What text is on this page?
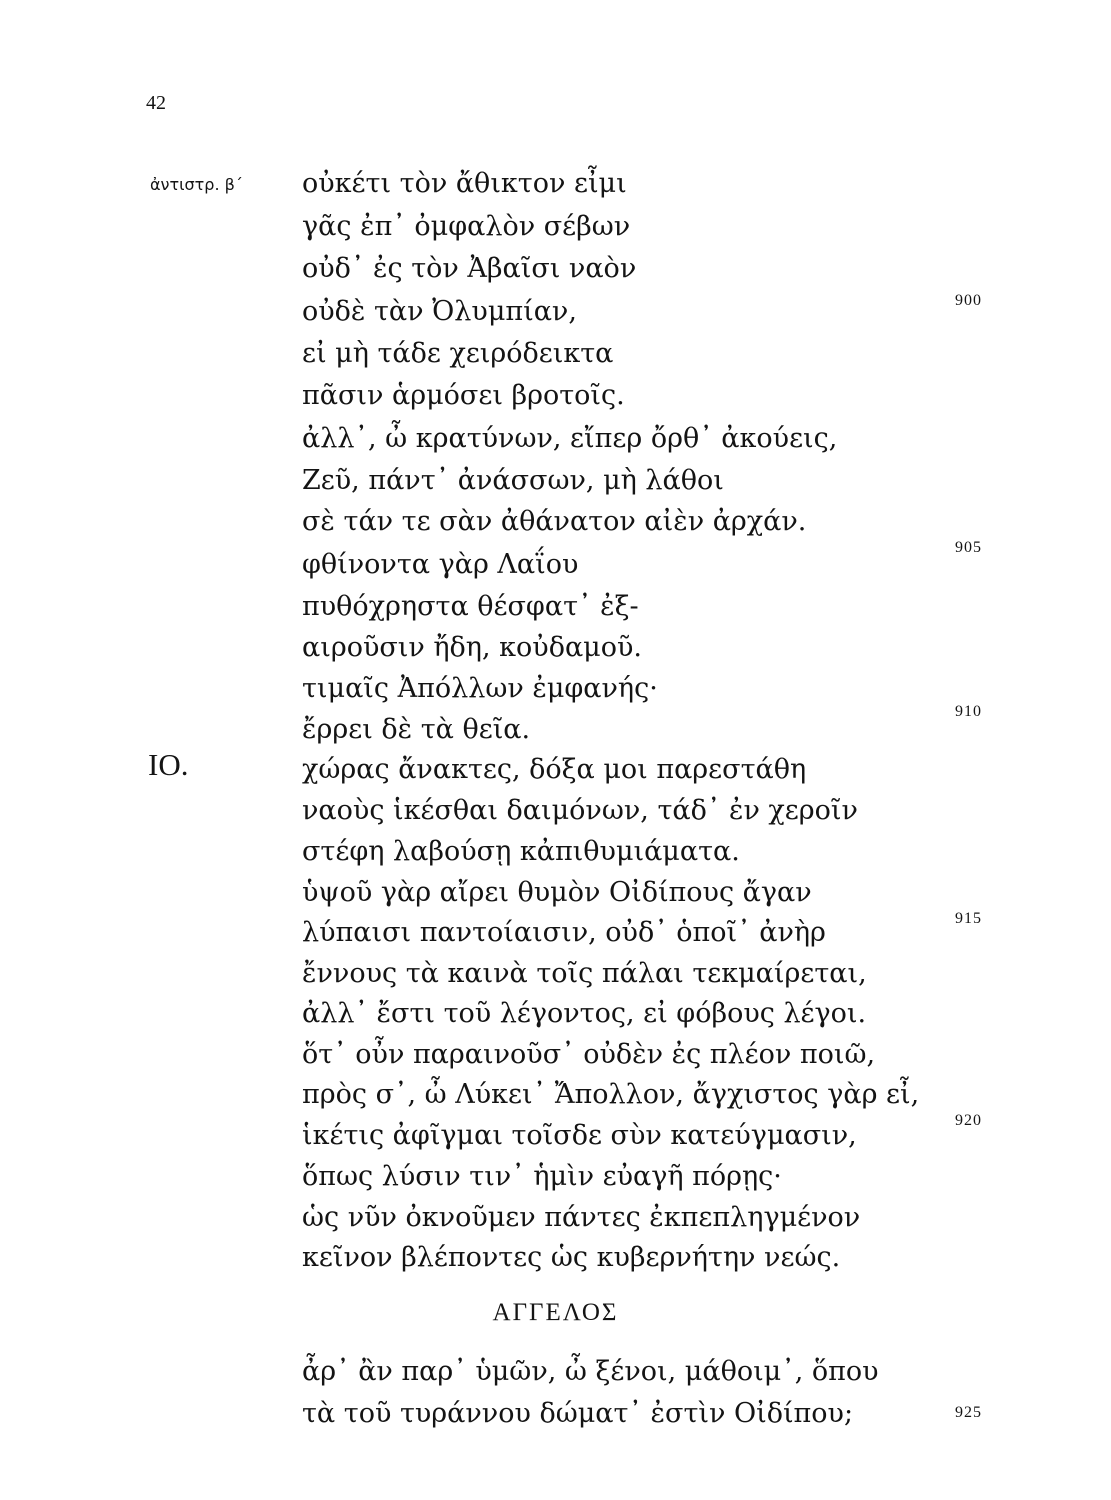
42
ἀντιστρ. β΄
IO.
οὐκέτι τὸν ἄθικτον εἶμι
γᾶς ἐπ᾽ ὀμφαλὸν σέβων
οὐδ᾽ ἐς τὸν Ἀβαῖσι ναὸν
οὐδὲ τὰν Ὀλυμπίαν,
εἰ μὴ τάδε χειρόδεικτα
πᾶσιν ἁρμόσει βροτοῖς.
ἀλλ᾽, ὦ κρατύνων, εἴπερ ὄρθ᾽ ἀκούεις,
Ζεῦ, πάντ᾽ ἀνάσσων, μὴ λάθοι
σὲ τάν τε σὰν ἀθάνατον αἰὲν ἀρχάν.
φθίνοντα γὰρ Λαΐου
πυθόχρηστα θέσφατ᾽ ἐξ-
αιροῦσιν ἤδη, κοὐδαμοῦ.
τιμαῖς Ἀπόλλων ἐμφανής·
ἔρρει δὲ τὰ θεῖα.
χώρας ἄνακτες, δόξα μοι παρεστάθη
ναοὺς ἱκέσθαι δαιμόνων, τάδ᾽ ἐν χεροῖν
στέφη λαβούσῃ κἀπιθυμιάματα.
ὑψοῦ γὰρ αἴρει θυμὸν Οἰδίπους ἄγαν
λύπαισι παντοίαισιν, οὐδ᾽ ὁποῖ᾽ ἀνὴρ
ἔννους τὰ καινὰ τοῖς πάλαι τεκμαίρεται,
ἀλλ᾽ ἔστι τοῦ λέγοντος, εἰ φόβους λέγοι.
ὅτ᾽ οὖν παραινοῦσ᾽ οὐδὲν ἐς πλέον ποιῶ,
πρὸς σ᾽, ὦ Λύκει᾽ Ἄπολλον, ἄγχιστος γὰρ εἶ,
ἱκέτις ἀφῖγμαι τοῖσδε σὺν κατεύγμασιν,
ὅπως λύσιν τιν᾽ ἡμὶν εὐαγῆ πόρῃς·
ὡς νῦν ὀκνοῦμεν πάντες ἐκπεπληγμένον
κεῖνον βλέποντες ὡς κυβερνήτην νεώς.
ΑΓΓΕΛΟΣ
ἆρ᾽ ἂν παρ᾽ ὑμῶν, ὦ ξένοι, μάθοιμ᾽, ὅπου
τὰ τοῦ τυράννου δώματ᾽ ἐστὶν Οἰδίπου;
900
905
910
915
920
925
